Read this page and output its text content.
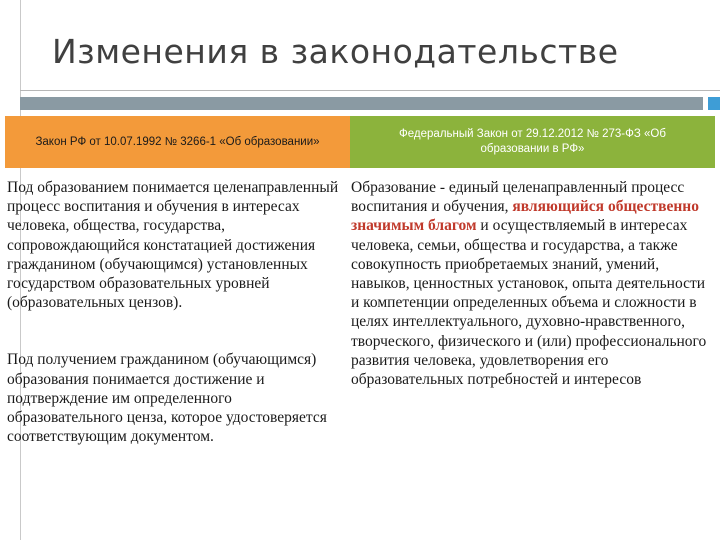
Изменения в законодательстве
Закон РФ от 10.07.1992 № 3266-1 «Об образовании»
Федеральный Закон от 29.12.2012 № 273-ФЗ «Об образовании в РФ»

Под образованием понимается целенаправленный процесс воспитания и обучения в интересах человека, общества, государства, сопровождающийся констатацией достижения гражданином (обучающимся) установленных государством образовательных уровней (образовательных цензов).

Под получением гражданином (обучающимся) образования понимается достижение и подтверждение им определенного образовательного ценза, которое удостоверяется соответствующим документом.

Образование - единый целенаправленный процесс воспитания и обучения, являющийся общественно значимым благом и осуществляемый в интересах человека, семьи, общества и государства, а также совокупность приобретаемых знаний, умений, навыков, ценностных установок, опыта деятельности и компетенции определенных объема и сложности в целях интеллектуального, духовно-нравственного, творческого, физического и (или) профессионального развития человека, удовлетворения его образовательных потребностей и интересов
